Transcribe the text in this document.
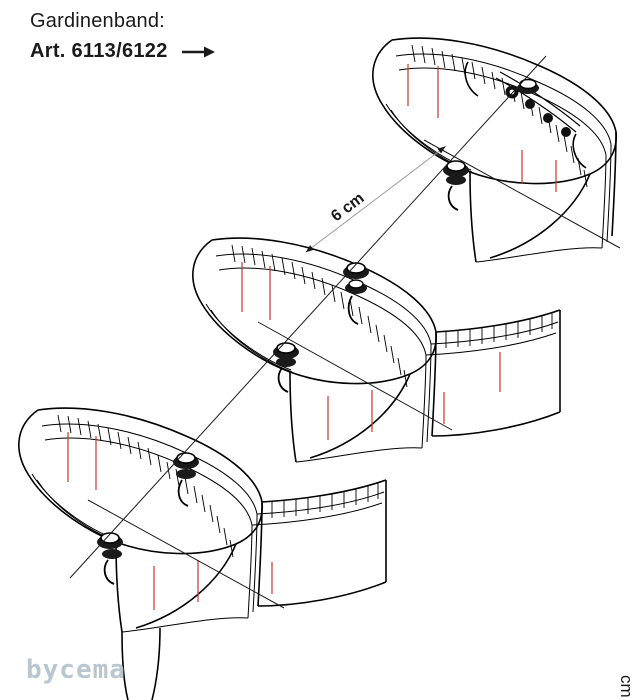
6 cm
Gardinenband:
Art. 6113/6122
bycema
cm
